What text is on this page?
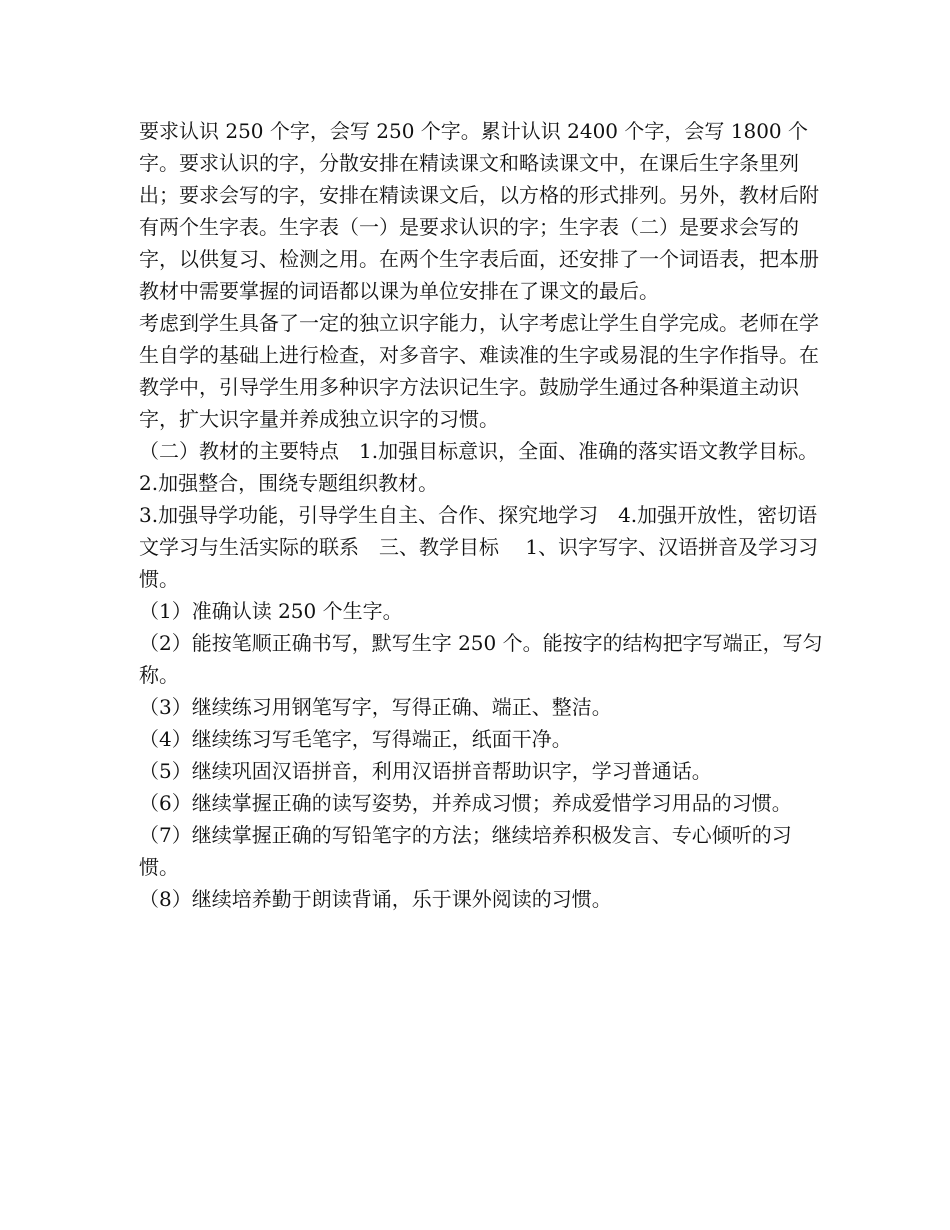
要求认识 250 个字，会写 250 个字。累计认识 2400 个字，会写 1800 个字。要求认识的字，分散安排在精读课文和略读课文中，在课后生字条里列出；要求会写的字，安排在精读课文后，以方格的形式排列。另外，教材后附有两个生字表。生字表（一）是要求认识的字；生字表（二）是要求会写的字，以供复习、检测之用。在两个生字表后面，还安排了一个词语表，把本册教材中需要掌握的词语都以课为单位安排在了课文的最后。

考虑到学生具备了一定的独立识字能力，认字考虑让学生自学完成。老师在学生自学的基础上进行检查，对多音字、难读准的生字或易混的生字作指导。在教学中，引导学生用多种识字方法识记生字。鼓励学生通过各种渠道主动识字，扩大识字量并养成独立识字的习惯。

（二）教材的主要特点　1.加强目标意识，全面、准确的落实语文教学目标。

2.加强整合，围绕专题组织教材。

3.加强导学功能，引导学生自主、合作、探究地学习　4.加强开放性，密切语文学习与生活实际的联系　三、教学目标　 1、识字写字、汉语拼音及学习习惯。

（1）准确认读 250 个生字。

（2）能按笔顺正确书写，默写生字 250 个。能按字的结构把字写端正，写匀称。

（3）继续练习用钢笔写字，写得正确、端正、整洁。

（4）继续练习写毛笔字，写得端正，纸面干净。

（5）继续巩固汉语拼音，利用汉语拼音帮助识字，学习普通话。

（6）继续掌握正确的读写姿势，并养成习惯；养成爱惜学习用品的习惯。

（7）继续掌握正确的写铅笔字的方法；继续培养积极发言、专心倾听的习惯。

（8）继续培养勤于朗读背诵，乐于课外阅读的习惯。
